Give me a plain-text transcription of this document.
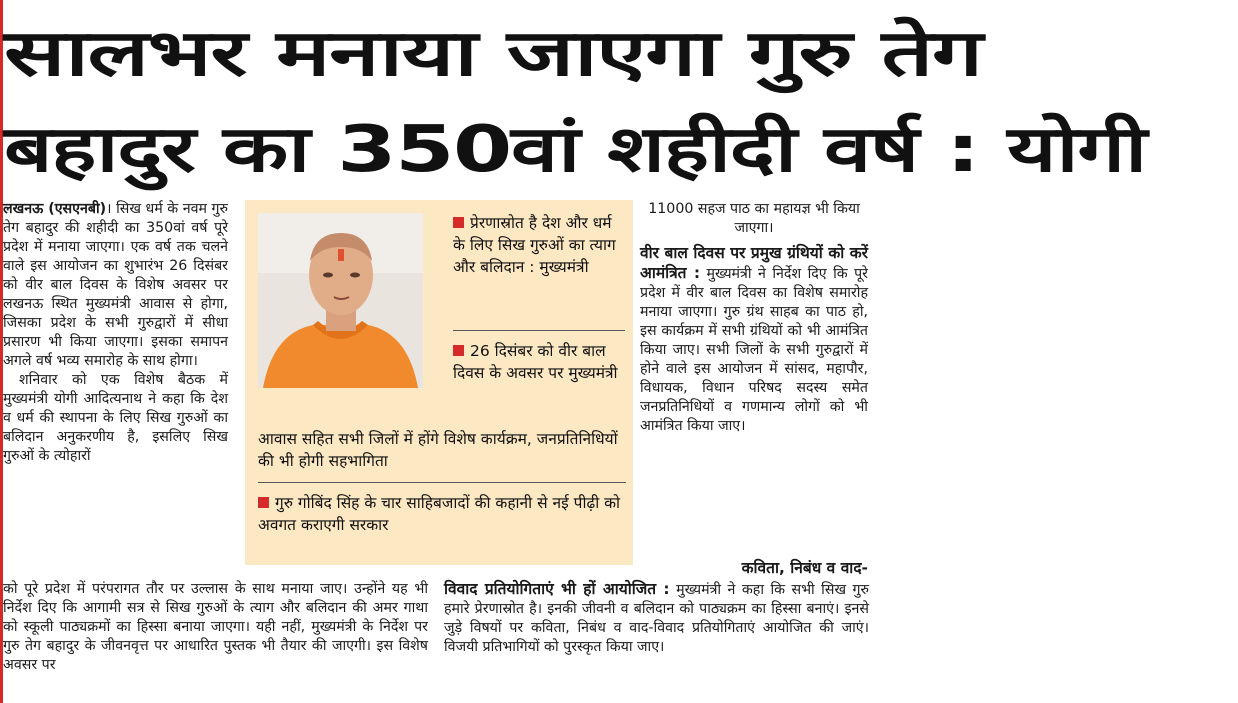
सालभर मनाया जाएगा गुरु तेग
बहादुर का 350वां शहीदी वर्ष : योगी

लखनऊ (एसएनबी)। सिख धर्म के नवम गुरु तेग बहादुर की शहीदी का 350वां वर्ष पूरे प्रदेश में मनाया जाएगा। एक वर्ष तक चलने वाले इस आयोजन का शुभारंभ 26 दिसंबर को वीर बाल दिवस के विशेष अवसर पर लखनऊ स्थित मुख्यमंत्री आवास से होगा, जिसका प्रदेश के सभी गुरुद्वारों में सीधा प्रसारण भी किया जाएगा। इसका समापन अगले वर्ष भव्य समारोह के साथ होगा।

शनिवार को एक विशेष बैठक में मुख्यमंत्री योगी आदित्यनाथ ने कहा कि देश व धर्म की स्थापना के लिए सिख गुरुओं का बलिदान अनुकरणीय है, इसलिए सिख गुरुओं के त्योहारों

को पूरे प्रदेश में परंपरागत तौर पर उल्लास के साथ मनाया जाए। उन्होंने यह भी निर्देश दिए कि आगामी सत्र से सिख गुरुओं के त्याग और बलिदान की अमर गाथा को स्कूली पाठ्यक्रमों का हिस्सा बनाया जाएगा। यही नहीं, मुख्यमंत्री के निर्देश पर गुरु तेग बहादुर के जीवनवृत्त पर आधारित पुस्तक भी तैयार की जाएगी। इस विशेष अवसर पर
प्रेरणास्रोत है देश और धर्म के लिए सिख गुरुओं का त्याग और बलिदान : मुख्यमंत्री
26 दिसंबर को वीर बाल दिवस के अवसर पर मुख्यमंत्री
आवास सहित सभी जिलों में होंगे विशेष कार्यक्रम, जनप्रतिनिधियों की भी होगी सहभागिता
गुरु गोबिंद सिंह के चार साहिबजादों की कहानी से नई पीढ़ी को अवगत कराएगी सरकार

11000 सहज पाठ का महायज्ञ भी किया जाएगा।

वीर बाल दिवस पर प्रमुख ग्रंथियों को करें आमंत्रित : मुख्यमंत्री ने निर्देश दिए कि पूरे प्रदेश में वीर बाल दिवस का विशेष समारोह मनाया जाएगा। गुरु ग्रंथ साहब का पाठ हो, इस कार्यक्रम में सभी ग्रंथियों को भी आमंत्रित किया जाए। सभी जिलों के सभी गुरुद्वारों में होने वाले इस आयोजन में सांसद, महापौर, विधायक, विधान परिषद सदस्य समेत जनप्रतिनिधियों व गणमान्य लोगों को भी आमंत्रित किया जाए।

कविता, निबंध व वाद-
विवाद प्रतियोगिताएं भी हों आयोजित : मुख्यमंत्री ने कहा कि सभी सिख गुरु हमारे प्रेरणास्रोत है। इनकी जीवनी व बलिदान को पाठ्यक्रम का हिस्सा बनाएं। इनसे जुड़े विषयों पर कविता, निबंध व वाद-विवाद प्रतियोगिताएं आयोजित की जाएं। विजयी प्रतिभागियों को पुरस्कृत किया जाए।
